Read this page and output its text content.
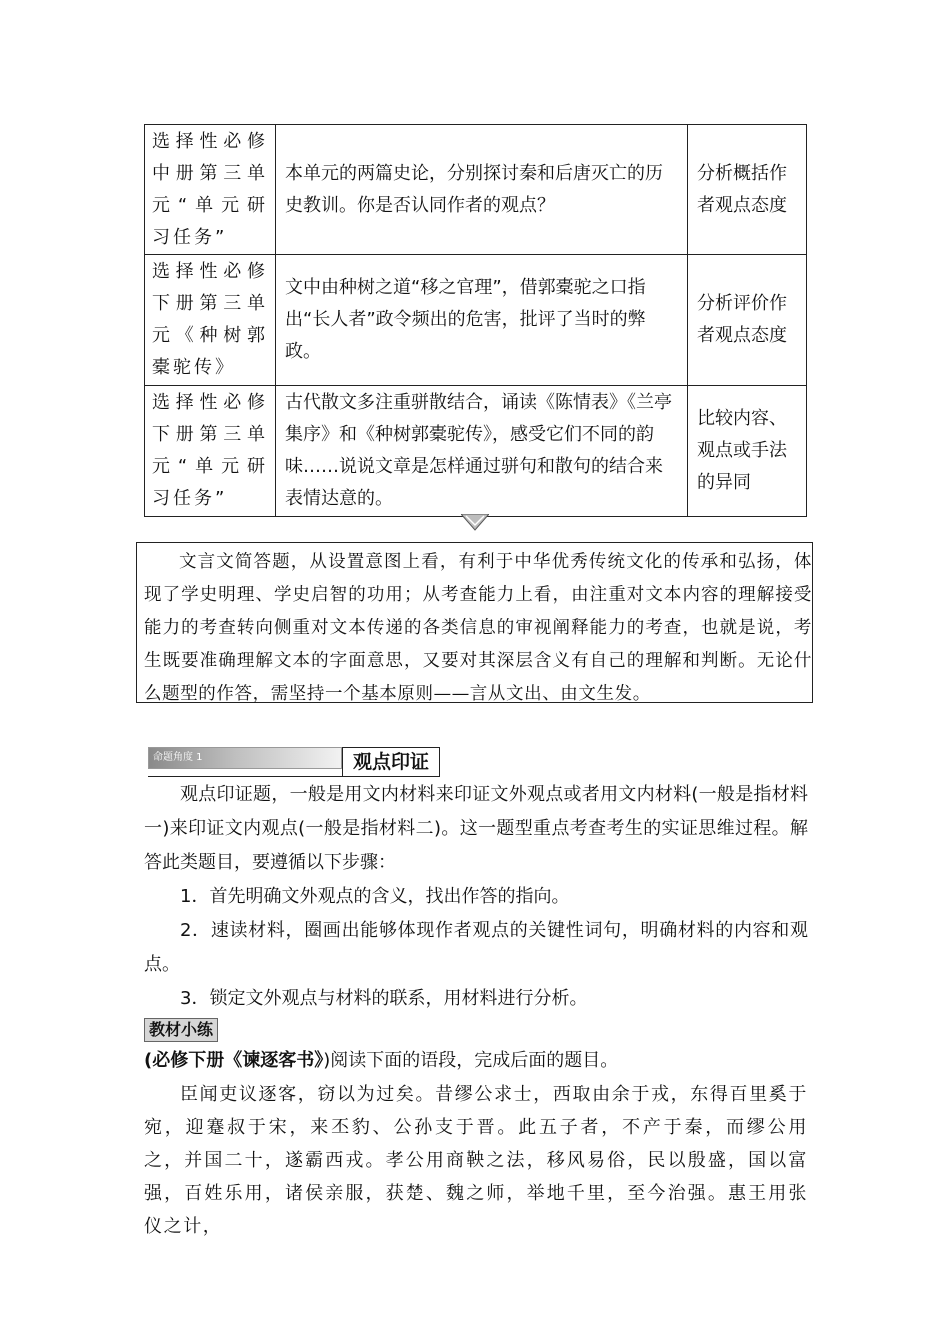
选择性必修中册第三单元“单元研习任务”	本单元的两篇史论，分别探讨秦和后唐灭亡的历史教训。你是否认同作者的观点？	分析概括作者观点态度
选择性必修下册第三单元《种树郭橐驼传》	文中由种树之道“移之官理”，借郭橐驼之口指出“长人者”政令频出的危害，批评了当时的弊政。	分析评价作者观点态度
选择性必修下册第三单元“单元研习任务”	古代散文多注重骈散结合，诵读《陈情表》《兰亭集序》和《种树郭橐驼传》，感受它们不同的韵味……说说文章是怎样通过骈句和散句的结合来表情达意的。	比较内容、观点或手法的异同

文言文简答题，从设置意图上看，有利于中华优秀传统文化的传承和弘扬，体现了学史明理、学史启智的功用；从考查能力上看，由注重对文本内容的理解接受能力的考查转向侧重对文本传递的各类信息的审视阐释能力的考查，也就是说，考生既要准确理解文本的字面意思，又要对其深层含义有自己的理解和判断。无论什么题型的作答，需坚持一个基本原则——言从文出、由文生发。

命题角度 1	观点印证

观点印证题，一般是用文内材料来印证文外观点或者用文内材料(一般是指材料一)来印证文内观点(一般是指材料二)。这一题型重点考查考生的实证思维过程。解答此类题目，要遵循以下步骤：

1．首先明确文外观点的含义，找出作答的指向。

2．速读材料，圈画出能够体现作者观点的关键性词句，明确材料的内容和观点。

3．锁定文外观点与材料的联系，用材料进行分析。

教材小练
(必修下册《谏逐客书》)阅读下面的语段，完成后面的题目。

臣闻吏议逐客，窃以为过矣。昔缪公求士，西取由余于戎，东得百里奚于宛，迎蹇叔于宋，来丕豹、公孙支于晋。此五子者，不产于秦，而缪公用之，并国二十，遂霸西戎。孝公用商鞅之法，移风易俗，民以殷盛，国以富强，百姓乐用，诸侯亲服，获楚、魏之师，举地千里，至今治强。惠王用张仪之计，
